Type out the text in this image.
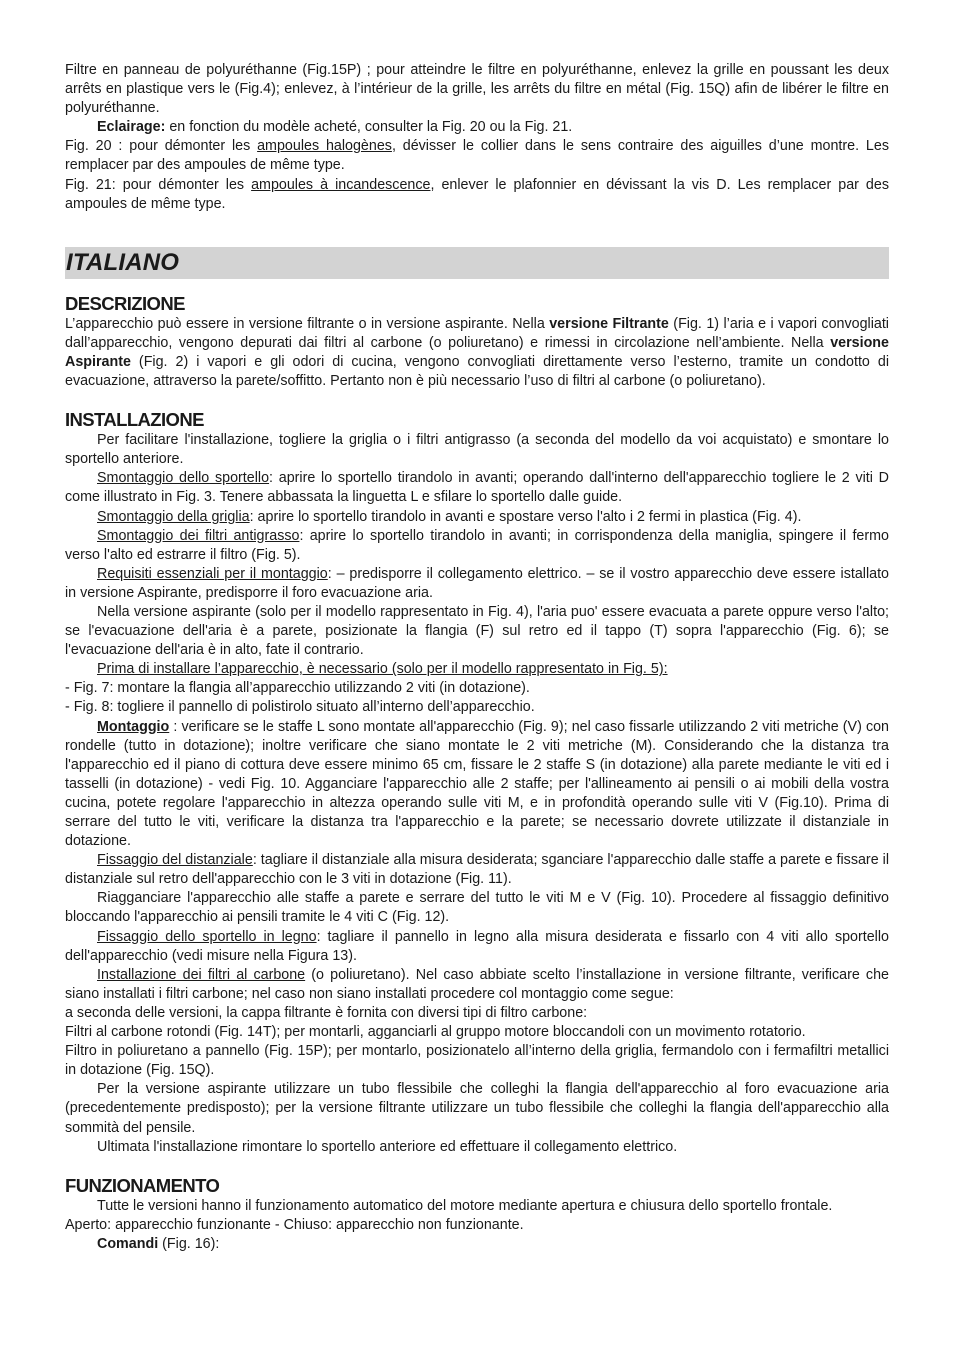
Filtre en panneau de polyuréthanne (Fig.15P) ; pour atteindre le filtre en polyuréthanne, enlevez la grille en poussant les deux arrêts en plastique vers le (Fig.4); enlevez, à l’intérieur de la grille, les arrêts du filtre en métal (Fig. 15Q) afin de libérer le filtre en polyuréthanne.

Eclairage: en fonction du modèle acheté, consulter la Fig. 20 ou la Fig. 21.

Fig. 20 : pour démonter les ampoules halogènes, dévisser le collier dans le sens contraire des aiguilles d’une montre. Les remplacer par des ampoules de même type.

Fig. 21: pour démonter les ampoules à incandescence, enlever le plafonnier en dévissant la vis D. Les remplacer par des ampoules de même type.

ITALIANO
DESCRIZIONE

L’apparecchio può essere in versione filtrante o in versione aspirante. Nella versione Filtrante (Fig. 1) l’aria e i vapori convogliati dall’apparecchio, vengono depurati dai filtri al carbone (o poliuretano) e rimessi in circolazione nell’ambiente. Nella versione Aspirante (Fig. 2) i vapori e gli odori di cucina, vengono convogliati direttamente verso l’esterno, tramite un condotto di evacuazione, attraverso la parete/soffitto. Pertanto non è più necessario l’uso di filtri al carbone (o poliuretano).

INSTALLAZIONE

Per facilitare l'installazione, togliere la griglia o i filtri antigrasso (a seconda del modello da voi acquistato) e smontare lo sportello anteriore.

Smontaggio dello sportello: aprire lo sportello tirandolo in avanti; operando dall'interno dell'apparecchio togliere le 2 viti D come illustrato in Fig. 3. Tenere abbassata la linguetta L e sfilare lo sportello dalle guide.

Smontaggio della griglia: aprire lo sportello tirandolo in avanti e spostare verso l'alto i 2 fermi in plastica (Fig. 4).

Smontaggio dei filtri antigrasso: aprire lo sportello tirandolo in avanti; in corrispondenza della maniglia, spingere il fermo verso l'alto ed estrarre il filtro (Fig. 5).

Requisiti essenziali per il montaggio: – predisporre il collegamento elettrico. – se il vostro apparecchio deve essere istallato in versione Aspirante, predisporre il foro evacuazione aria.

Nella versione aspirante (solo per il modello rappresentato in Fig. 4), l'aria puo' essere evacuata a parete oppure verso l'alto; se l'evacuazione dell'aria è a parete, posizionate la flangia (F) sul retro ed il tappo (T) sopra l'apparecchio (Fig. 6); se l'evacuazione dell'aria è in alto, fate il contrario.

Prima di installare l’apparecchio, è necessario (solo per il modello rappresentato in Fig. 5):

- Fig. 7: montare la flangia all’apparecchio utilizzando 2 viti (in dotazione).

- Fig. 8: togliere il pannello di polistirolo situato all’interno dell’apparecchio.

Montaggio : verificare se le staffe L sono montate all'apparecchio (Fig. 9); nel caso fissarle utilizzando 2 viti metriche (V) con rondelle (tutto in dotazione); inoltre verificare che siano montate le 2 viti metriche (M). Considerando che la distanza tra l'apparecchio ed il piano di cottura deve essere minimo 65 cm, fissare le 2 staffe S (in dotazione) alla parete mediante le viti ed i tasselli (in dotazione) - vedi Fig. 10. Agganciare l'apparecchio alle 2 staffe; per l'allineamento ai pensili o ai mobili della vostra cucina, potete regolare l'apparecchio in altezza operando sulle viti M, e in profondità operando sulle viti V (Fig.10). Prima di serrare del tutto le viti, verificare la distanza tra l'apparecchio e la parete; se necessario dovrete utilizzate il distanziale in dotazione.

Fissaggio del distanziale: tagliare il distanziale alla misura desiderata; sganciare l'apparecchio dalle staffe a parete e fissare il distanziale sul retro dell'apparecchio con le 3 viti in dotazione (Fig. 11).

Riagganciare l'apparecchio alle staffe a parete e serrare del tutto le viti M e V (Fig. 10). Procedere al fissaggio definitivo bloccando l'apparecchio ai pensili tramite le 4 viti C (Fig. 12).

Fissaggio dello sportello in legno: tagliare il pannello in legno alla misura desiderata e fissarlo con 4 viti allo sportello dell'apparecchio (vedi misure nella Figura 13).

Installazione dei filtri al carbone (o poliuretano). Nel caso abbiate scelto l’installazione in versione filtrante, verificare che siano installati i filtri carbone; nel caso non siano installati procedere col montaggio come segue:

a seconda delle versioni, la cappa filtrante è fornita con diversi tipi di filtro carbone:

Filtri al carbone rotondi (Fig. 14T); per montarli, agganciarli al gruppo motore bloccandoli con un movimento rotatorio.

Filtro in poliuretano a pannello (Fig. 15P); per montarlo, posizionatelo all’interno della griglia, fermandolo con i fermafiltri metallici in dotazione (Fig. 15Q).

Per la versione aspirante utilizzare un tubo flessibile che colleghi la flangia dell'apparecchio al foro evacuazione aria (precedentemente predisposto); per la versione filtrante utilizzare un tubo flessibile che colleghi la flangia dell'apparecchio alla sommità del pensile.

Ultimata l'installazione rimontare lo sportello anteriore ed effettuare il collegamento elettrico.

FUNZIONAMENTO

Tutte le versioni hanno il funzionamento automatico del motore mediante apertura e chiusura dello sportello frontale.

Aperto: apparecchio funzionante - Chiuso: apparecchio non funzionante.

Comandi (Fig. 16):
